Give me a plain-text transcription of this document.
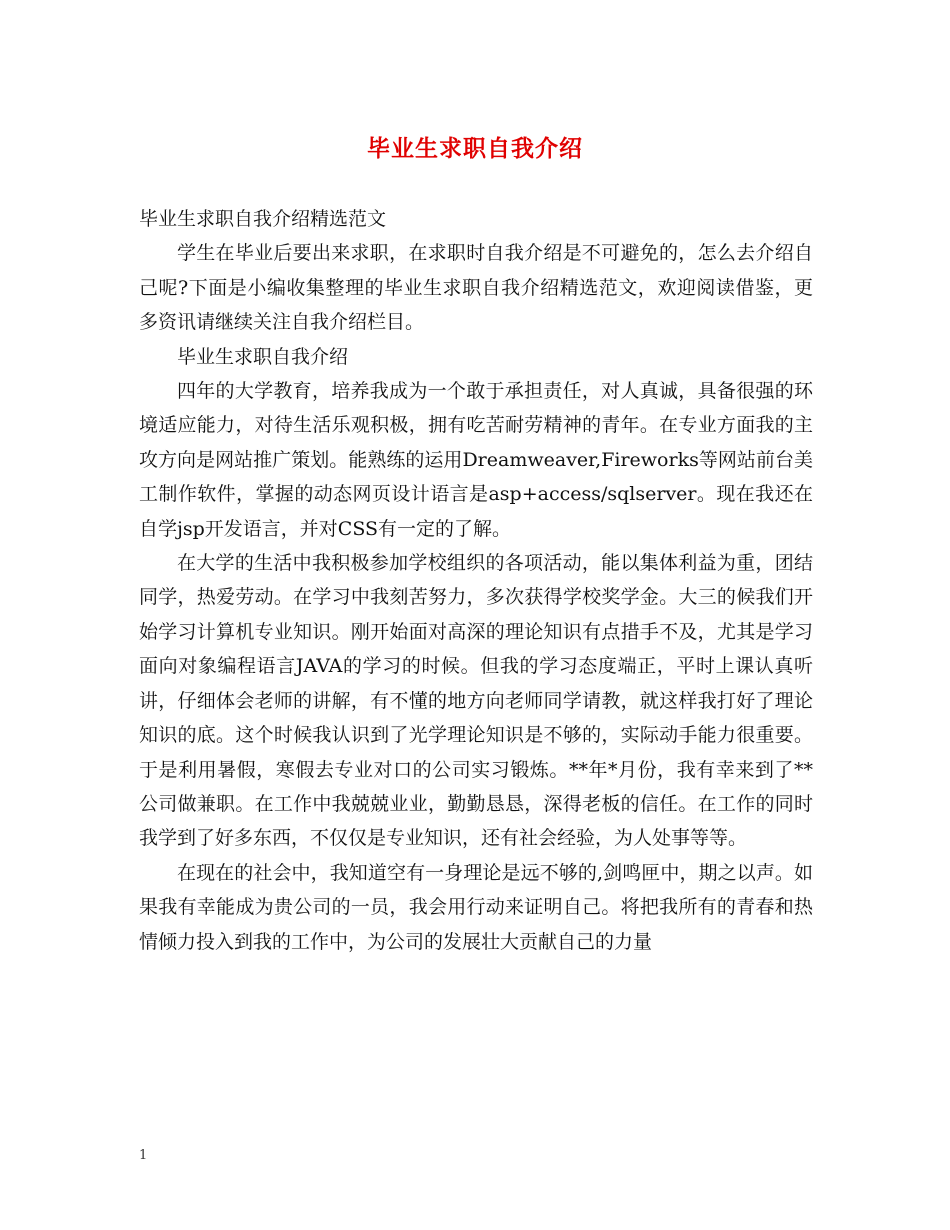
毕业生求职自我介绍

毕业生求职自我介绍精选范文

学生在毕业后要出来求职，在求职时自我介绍是不可避免的，怎么去介绍自己呢?下面是小编收集整理的毕业生求职自我介绍精选范文，欢迎阅读借鉴，更多资讯请继续关注自我介绍栏目。

毕业生求职自我介绍

四年的大学教育，培养我成为一个敢于承担责任，对人真诚，具备很强的环境适应能力，对待生活乐观积极，拥有吃苦耐劳精神的青年。在专业方面我的主攻方向是网站推广策划。能熟练的运用Dreamweaver,Fireworks等网站前台美工制作软件，掌握的动态网页设计语言是asp+access/sqlserver。现在我还在自学jsp开发语言，并对CSS有一定的了解。

在大学的生活中我积极参加学校组织的各项活动，能以集体利益为重，团结同学，热爱劳动。在学习中我刻苦努力，多次获得学校奖学金。大三的候我们开始学习计算机专业知识。刚开始面对高深的理论知识有点措手不及，尤其是学习面向对象编程语言JAVA的学习的时候。但我的学习态度端正，平时上课认真听讲，仔细体会老师的讲解，有不懂的地方向老师同学请教，就这样我打好了理论知识的底。这个时候我认识到了光学理论知识是不够的，实际动手能力很重要。于是利用暑假，寒假去专业对口的公司实习锻炼。**年*月份，我有幸来到了**公司做兼职。在工作中我兢兢业业，勤勤恳恳，深得老板的信任。在工作的同时我学到了好多东西，不仅仅是专业知识，还有社会经验，为人处事等等。

在现在的社会中，我知道空有一身理论是远不够的,剑鸣匣中，期之以声。如果我有幸能成为贵公司的一员，我会用行动来证明自己。将把我所有的青春和热情倾力投入到我的工作中，为公司的发展壮大贡献自己的力量

1
